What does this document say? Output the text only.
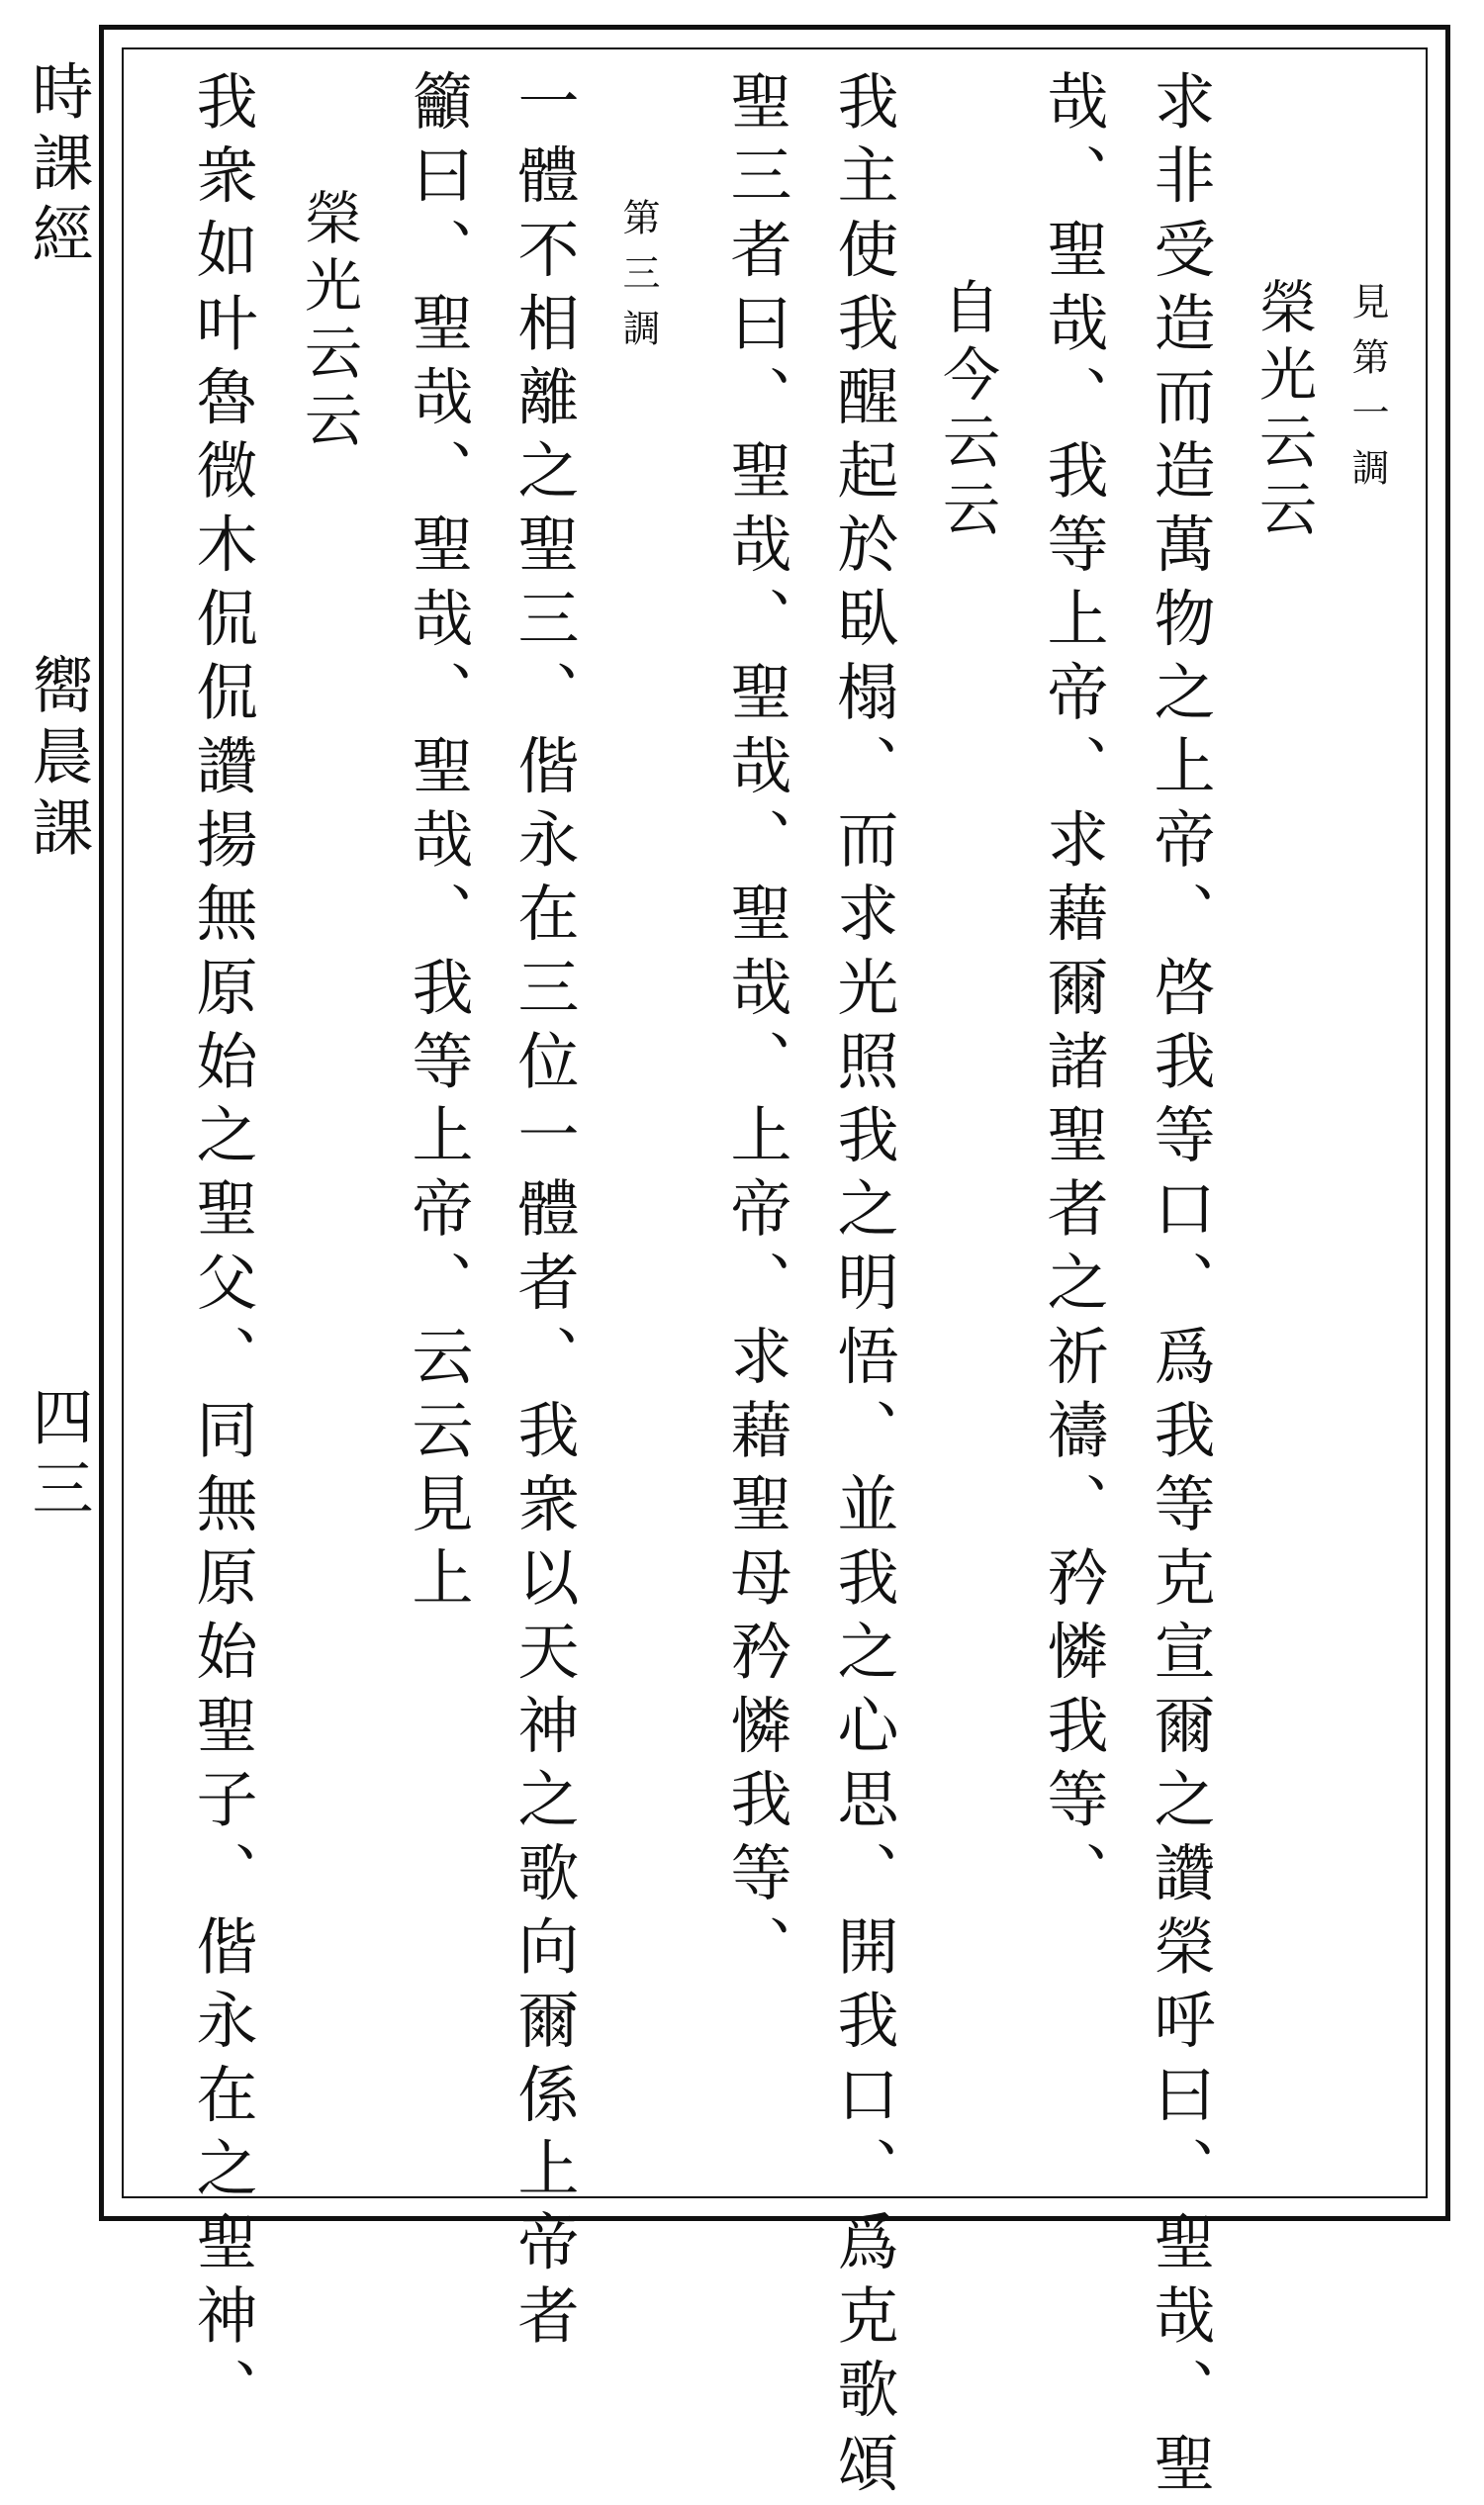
時課經
嚮晨課
四三
見第一調
榮光云云
求非受造而造萬物之上帝、啓我等口、爲我等克宣爾之讚榮呼曰、聖哉、聖
哉、聖哉、我等上帝、求藉爾諸聖者之祈禱、矜憐我等、
自今云云
我主使我醒起於臥榻、而求光照我之明悟、並我之心思、開我口、爲克歌頌
聖三者曰、聖哉、聖哉、聖哉、上帝、求藉聖母矜憐我等、
第三調
一體不相離之聖三、偕永在三位一體者、我衆以天神之歌向爾係上帝者
籲曰、聖哉、聖哉、聖哉、我等上帝、云云見上
榮光云云
我衆如叶魯微木侃侃讚揚無原始之聖父、同無原始聖子、偕永在之聖神、
